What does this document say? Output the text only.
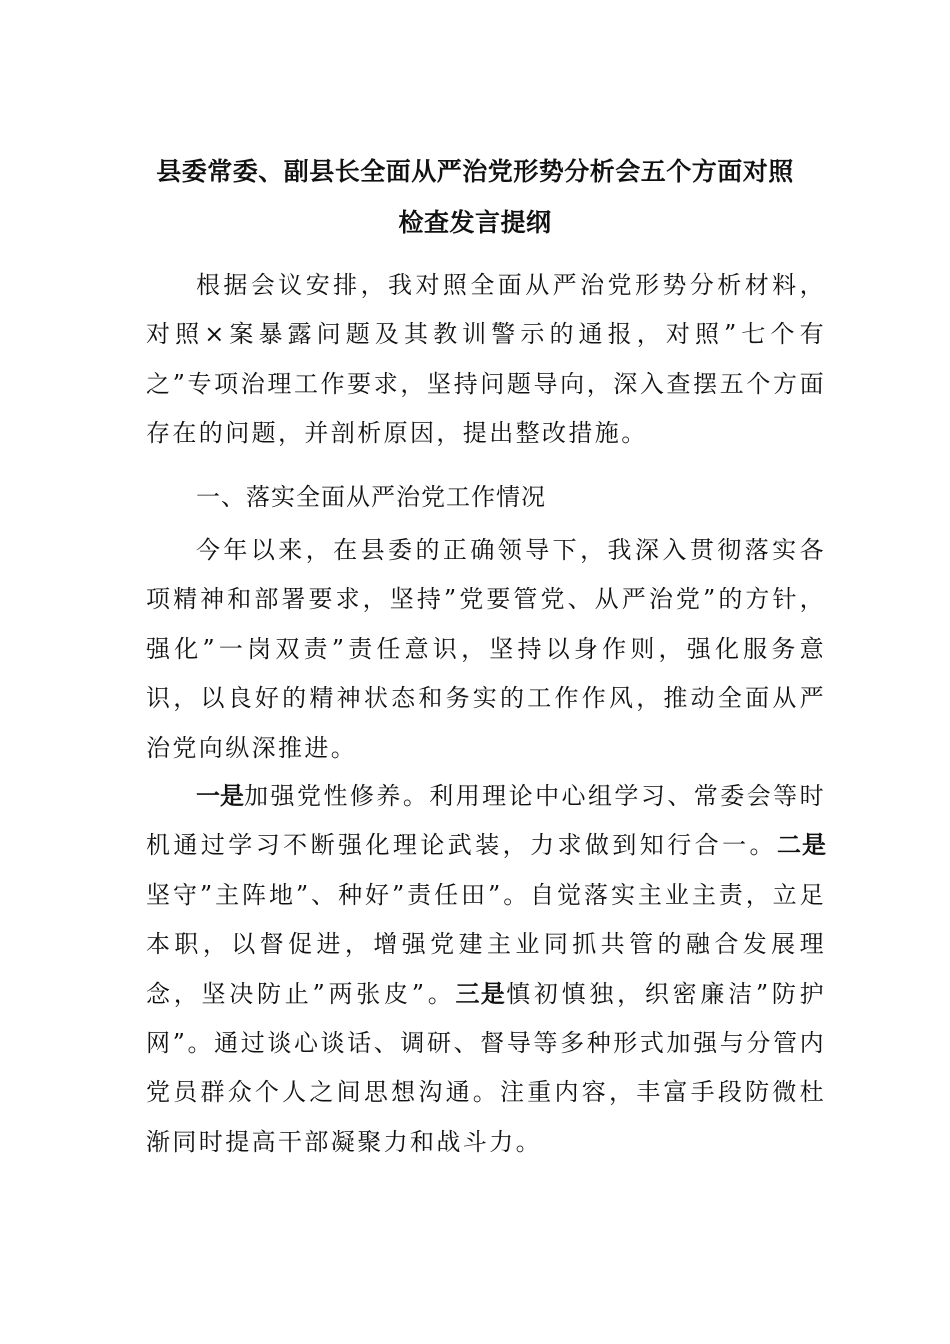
县委常委、副县长全面从严治党形势分析会五个方面对照
检查发言提纲
根据会议安排，我对照全面从严治党形势分析材料，对照×案暴露问题及其教训警示的通报，对照”七个有之”专项治理工作要求，坚持问题导向，深入查摆五个方面存在的问题，并剖析原因，提出整改措施。
一、落实全面从严治党工作情况
今年以来，在县委的正确领导下，我深入贯彻落实各项精神和部署要求，坚持”党要管党、从严治党”的方针，强化”一岗双责”责任意识，坚持以身作则，强化服务意识，以良好的精神状态和务实的工作作风，推动全面从严治党向纵深推进。
一是加强党性修养。利用理论中心组学习、常委会等时机通过学习不断强化理论武装，力求做到知行合一。二是坚守”主阵地”、种好”责任田”。自觉落实主业主责，立足本职，以督促进，增强党建主业同抓共管的融合发展理念，坚决防止”两张皮”。三是慎初慎独，织密廉洁”防护网”。通过谈心谈话、调研、督导等多种形式加强与分管内党员群众个人之间思想沟通。注重内容，丰富手段防微杜渐同时提高干部凝聚力和战斗力。
